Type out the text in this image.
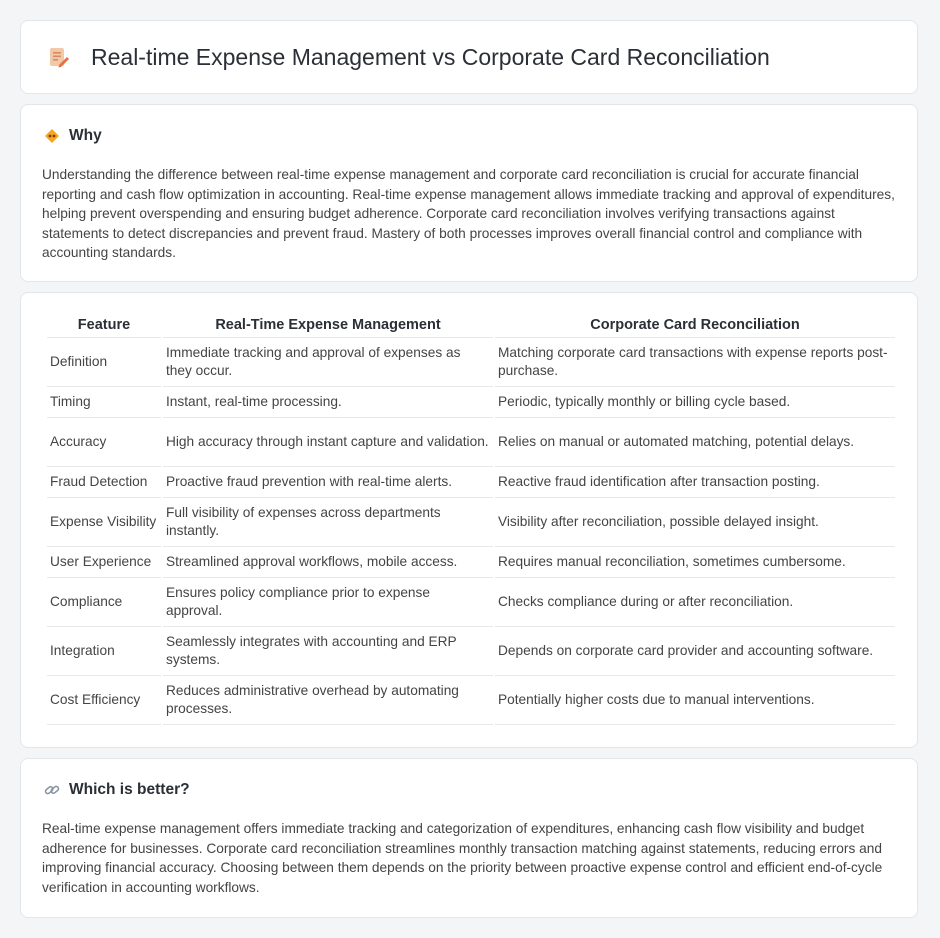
Real-time Expense Management vs Corporate Card Reconciliation
Why

Understanding the difference between real-time expense management and corporate card reconciliation is crucial for accurate financial reporting and cash flow optimization in accounting. Real-time expense management allows immediate tracking and approval of expenditures, helping prevent overspending and ensuring budget adherence. Corporate card reconciliation involves verifying transactions against statements to detect discrepancies and prevent fraud. Mastery of both processes improves overall financial control and compliance with accounting standards.

Feature	Real-Time Expense Management	Corporate Card Reconciliation
Definition	Immediate tracking and approval of expenses as they occur.	Matching corporate card transactions with expense reports post-purchase.
Timing	Instant, real-time processing.	Periodic, typically monthly or billing cycle based.
Accuracy	High accuracy through instant capture and validation.	Relies on manual or automated matching, potential delays.
Fraud Detection	Proactive fraud prevention with real-time alerts.	Reactive fraud identification after transaction posting.
Expense Visibility	Full visibility of expenses across departments instantly.	Visibility after reconciliation, possible delayed insight.
User Experience	Streamlined approval workflows, mobile access.	Requires manual reconciliation, sometimes cumbersome.
Compliance	Ensures policy compliance prior to expense approval.	Checks compliance during or after reconciliation.
Integration	Seamlessly integrates with accounting and ERP systems.	Depends on corporate card provider and accounting software.
Cost Efficiency	Reduces administrative overhead by automating processes.	Potentially higher costs due to manual interventions.
Which is better?

Real-time expense management offers immediate tracking and categorization of expenditures, enhancing cash flow visibility and budget adherence for businesses. Corporate card reconciliation streamlines monthly transaction matching against statements, reducing errors and improving financial accuracy. Choosing between them depends on the priority between proactive expense control and efficient end-of-cycle verification in accounting workflows.
